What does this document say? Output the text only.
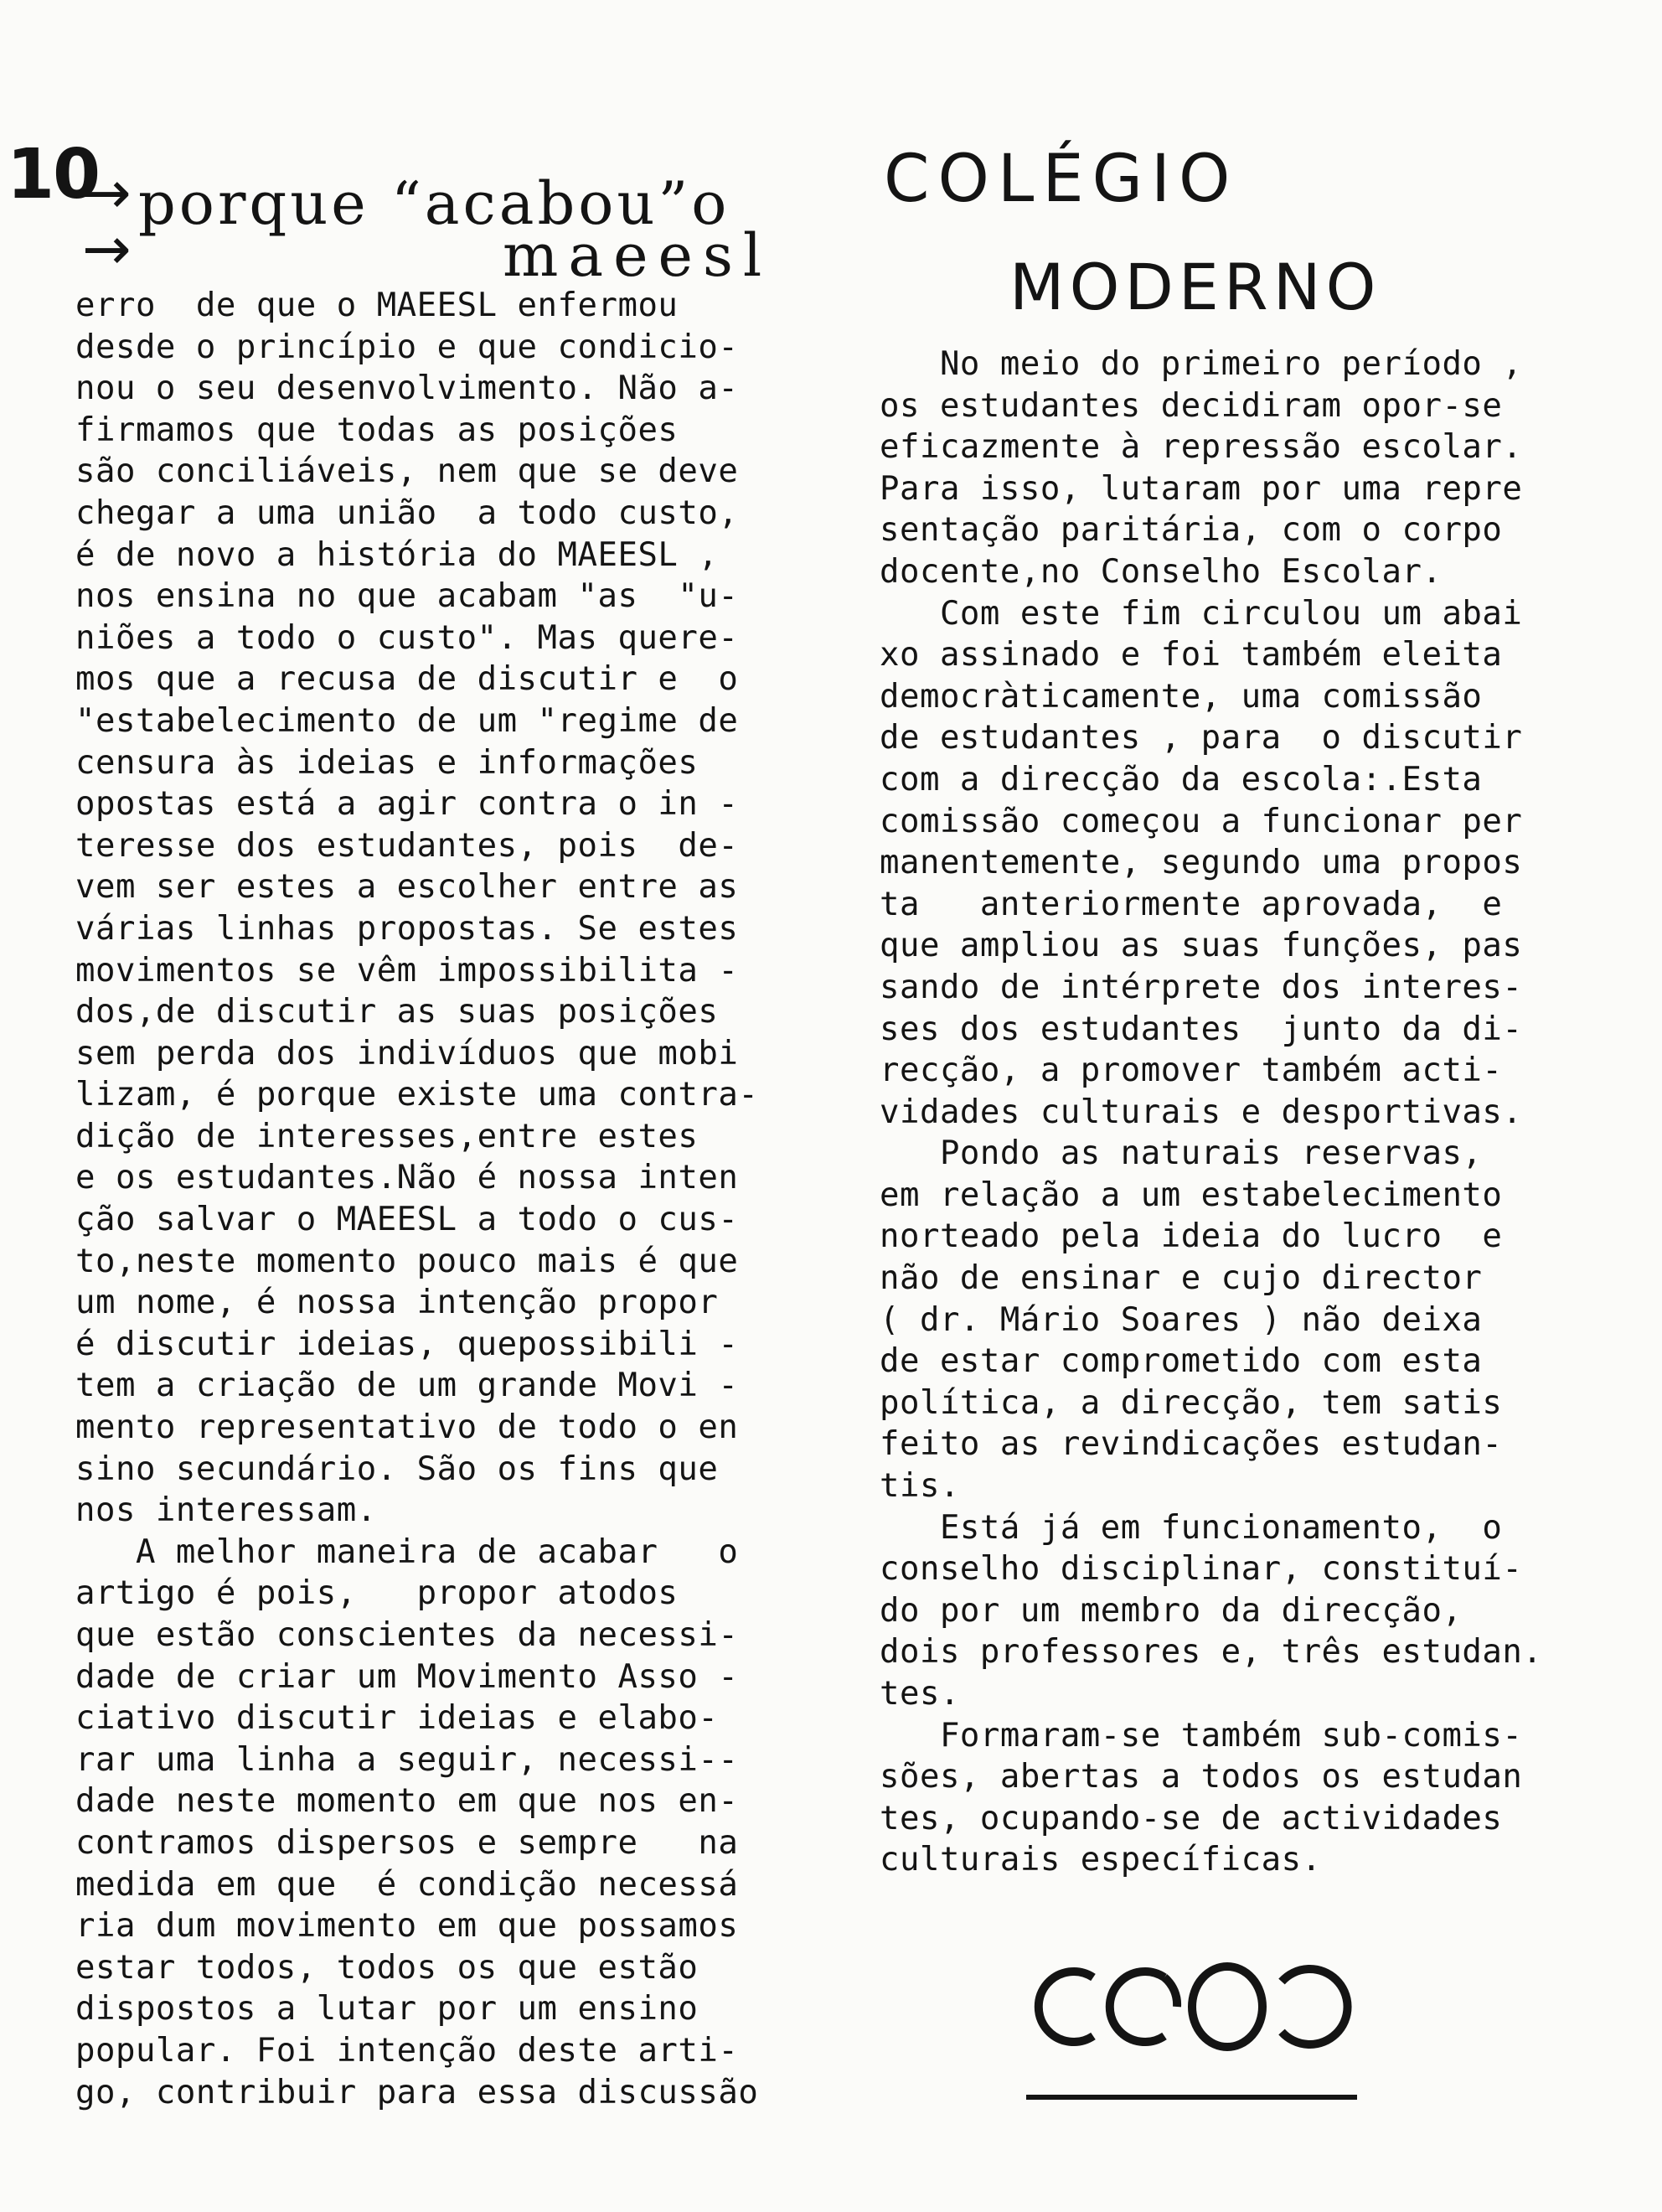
10
→
→
porque “acabou”o
maeesl
erro  de que o MAEESL enfermou
desde o princípio e que condicio-
nou o seu desenvolvimento. Não a-
firmamos que todas as posições
são conciliáveis, nem que se deve
chegar a uma união  a todo custo,
é de novo a história do MAEESL ,
nos ensina no que acabam "as  "u-
niões a todo o custo". Mas quere-
mos que a recusa de discutir e  o
"estabelecimento de um "regime de
censura às ideias e informações
opostas está a agir contra o in -
teresse dos estudantes, pois  de-
vem ser estes a escolher entre as
várias linhas propostas. Se estes
movimentos se vêm impossibilita -
dos,de discutir as suas posições
sem perda dos indivíduos que mobi
lizam, é porque existe uma contra-
dição de interesses,entre estes
e os estudantes.Não é nossa inten
ção salvar o MAEESL a todo o cus-
to,neste momento pouco mais é que
um nome, é nossa intenção propor
é discutir ideias, quepossibili -
tem a criação de um grande Movi -
mento representativo de todo o en
sino secundário. São os fins que
nos interessam.
A melhor maneira de acabar   o
artigo é pois,   propor atodos
que estão conscientes da necessi-
dade de criar um Movimento Asso -
ciativo discutir ideias e elabo-
rar uma linha a seguir, necessi--
dade neste momento em que nos en-
contramos dispersos e sempre   na
medida em que  é condição necessá
ria dum movimento em que possamos
estar todos, todos os que estão
dispostos a lutar por um ensino
popular. Foi intenção deste arti-
go, contribuir para essa discussão
COLÉGIO
MODERNO
No meio do primeiro período ,
os estudantes decidiram opor-se
eficazmente à repressão escolar.
Para isso, lutaram por uma repre
sentação paritária, com o corpo
docente,no Conselho Escolar.
Com este fim circulou um abai
xo assinado e foi também eleita
democràticamente, uma comissão
de estudantes , para  o discutir
com a direcção da escola:.Esta
comissão começou a funcionar per
manentemente, segundo uma propos
ta   anteriormente aprovada,  e
que ampliou as suas funções, pas
sando de intérprete dos interes-
ses dos estudantes  junto da di-
recção, a promover também acti-
vidades culturais e desportivas.
Pondo as naturais reservas,
em relação a um estabelecimento
norteado pela ideia do lucro  e
não de ensinar e cujo director
( dr. Mário Soares ) não deixa
de estar comprometido com esta
política, a direcção, tem satis
feito as revindicações estudan-
tis.
Está já em funcionamento,  o
conselho disciplinar, constituí-
do por um membro da direcção,
dois professores e, três estudan.
tes.
Formaram-se também sub-comis-
sões, abertas a todos os estudan
tes, ocupando-se de actividades
culturais específicas.
